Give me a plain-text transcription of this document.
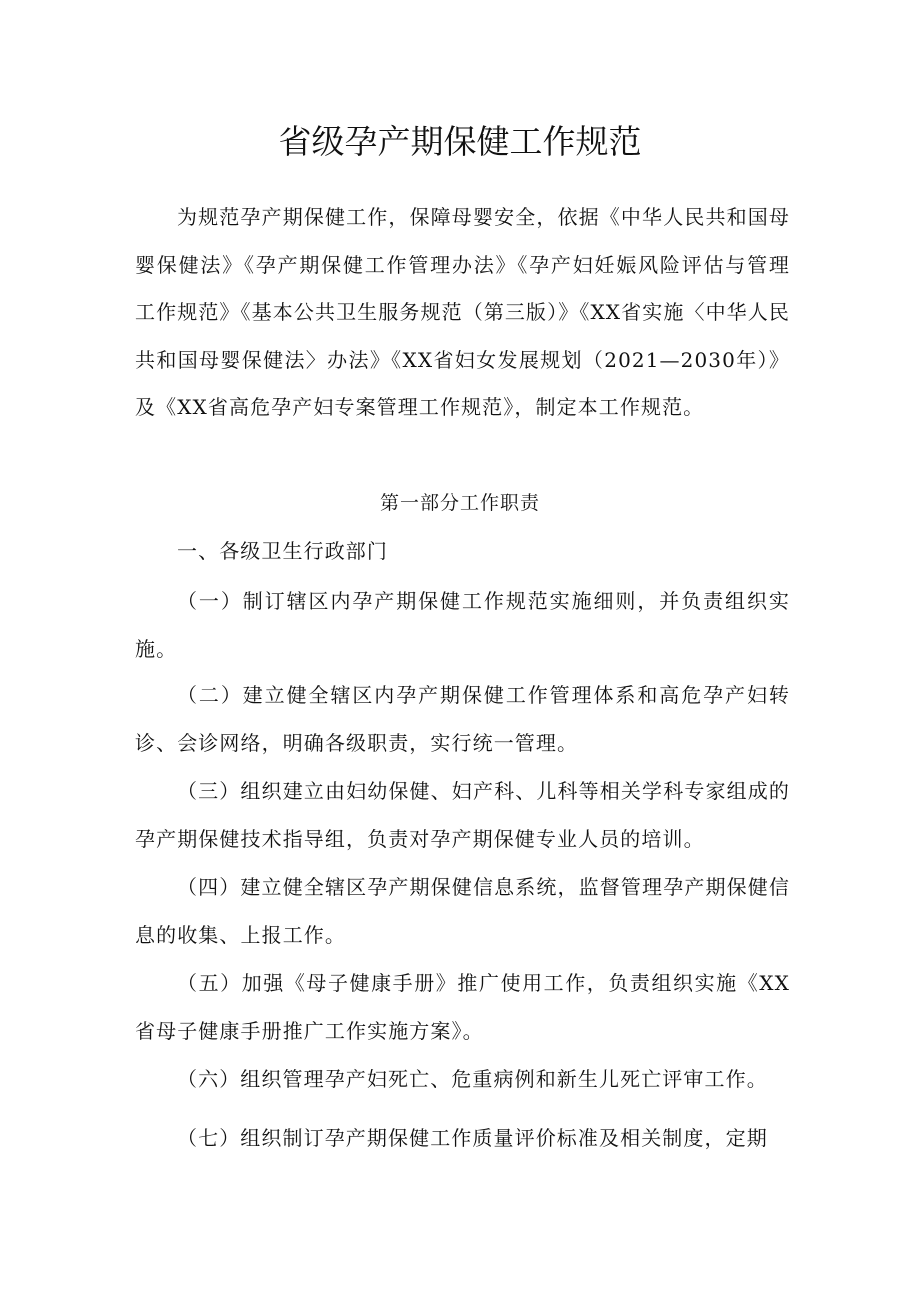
省级孕产期保健工作规范

为规范孕产期保健工作，保障母婴安全，依据《中华人民共和国母婴保健法》《孕产期保健工作管理办法》《孕产妇妊娠风险评估与管理工作规范》《基本公共卫生服务规范（第三版）》《XX省实施〈中华人民共和国母婴保健法〉办法》《XX省妇女发展规划（2021—2030年）》及《XX省高危孕产妇专案管理工作规范》，制定本工作规范。

第一部分工作职责

一、各级卫生行政部门

（一）制订辖区内孕产期保健工作规范实施细则，并负责组织实施。

（二）建立健全辖区内孕产期保健工作管理体系和高危孕产妇转诊、会诊网络，明确各级职责，实行统一管理。

（三）组织建立由妇幼保健、妇产科、儿科等相关学科专家组成的孕产期保健技术指导组，负责对孕产期保健专业人员的培训。

（四）建立健全辖区孕产期保健信息系统，监督管理孕产期保健信息的收集、上报工作。

（五）加强《母子健康手册》推广使用工作，负责组织实施《XX省母子健康手册推广工作实施方案》。

（六）组织管理孕产妇死亡、危重病例和新生儿死亡评审工作。

（七）组织制订孕产期保健工作质量评价标准及相关制度，定期
